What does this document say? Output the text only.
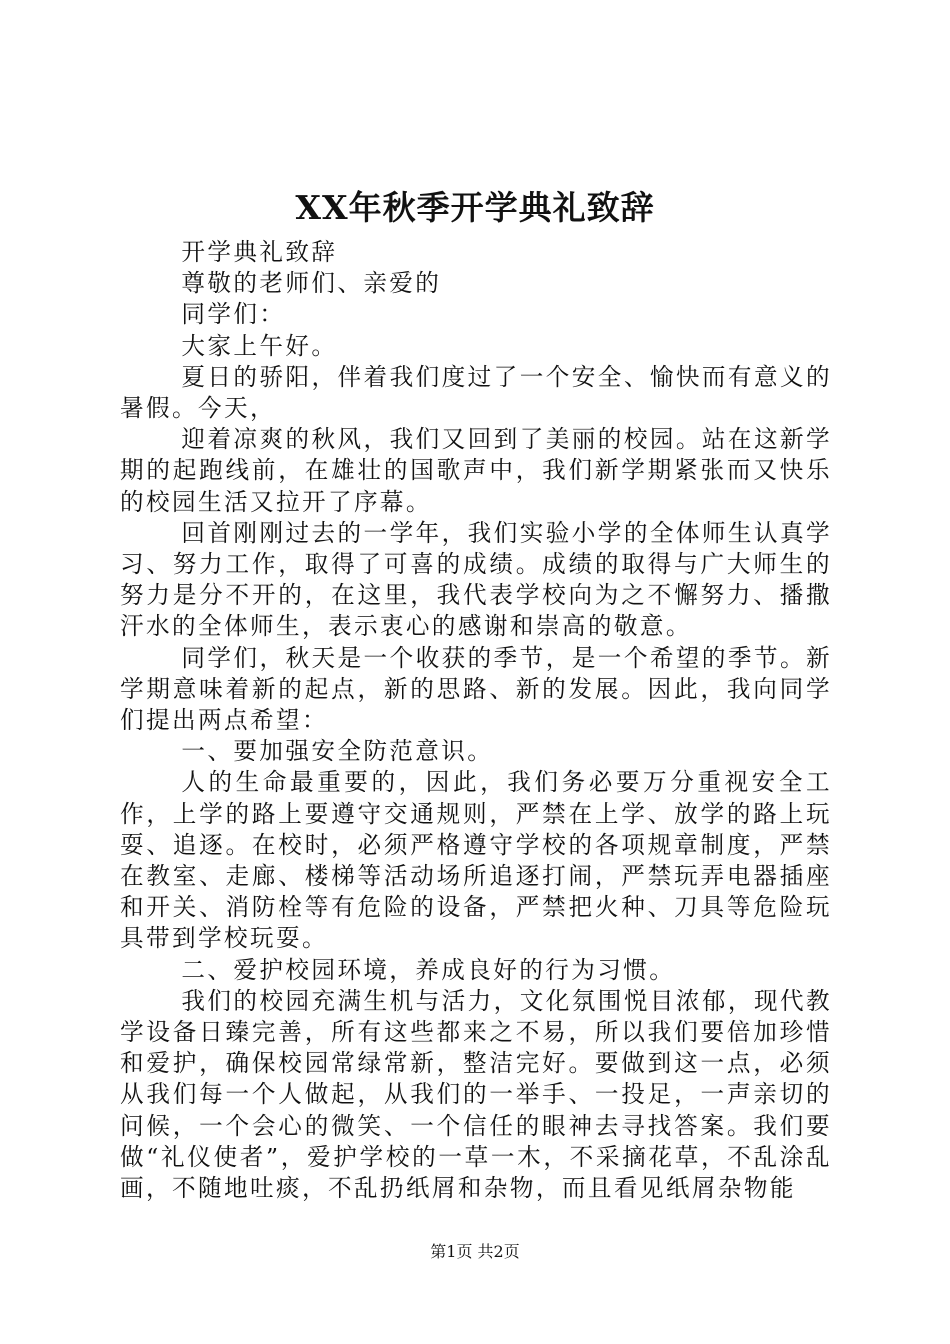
XX年秋季开学典礼致辞

开学典礼致辞

尊敬的老师们、亲爱的

同学们：

大家上午好。

夏日的骄阳，伴着我们度过了一个安全、愉快而有意义的暑假。今天，

迎着凉爽的秋风，我们又回到了美丽的校园。站在这新学期的起跑线前，在雄壮的国歌声中，我们新学期紧张而又快乐的校园生活又拉开了序幕。

回首刚刚过去的一学年，我们实验小学的全体师生认真学习、努力工作，取得了可喜的成绩。成绩的取得与广大师生的努力是分不开的，在这里，我代表学校向为之不懈努力、播撒汗水的全体师生，表示衷心的感谢和崇高的敬意。

同学们，秋天是一个收获的季节，是一个希望的季节。新学期意味着新的起点，新的思路、新的发展。因此，我向同学们提出两点希望：

一、要加强安全防范意识。

人的生命最重要的，因此，我们务必要万分重视安全工作，上学的路上要遵守交通规则，严禁在上学、放学的路上玩耍、追逐。在校时，必须严格遵守学校的各项规章制度，严禁在教室、走廊、楼梯等活动场所追逐打闹，严禁玩弄电器插座和开关、消防栓等有危险的设备，严禁把火种、刀具等危险玩具带到学校玩耍。

二、爱护校园环境，养成良好的行为习惯。

我们的校园充满生机与活力，文化氛围悦目浓郁，现代教学设备日臻完善，所有这些都来之不易，所以我们要倍加珍惜和爱护，确保校园常绿常新，整洁完好。要做到这一点，必须从我们每一个人做起，从我们的一举手、一投足，一声亲切的问候，一个会心的微笑、一个信任的眼神去寻找答案。我们要做“礼仪使者”，爱护学校的一草一木，不采摘花草，不乱涂乱画，不随地吐痰，不乱扔纸屑和杂物，而且看见纸屑杂物能

第1页 共2页
